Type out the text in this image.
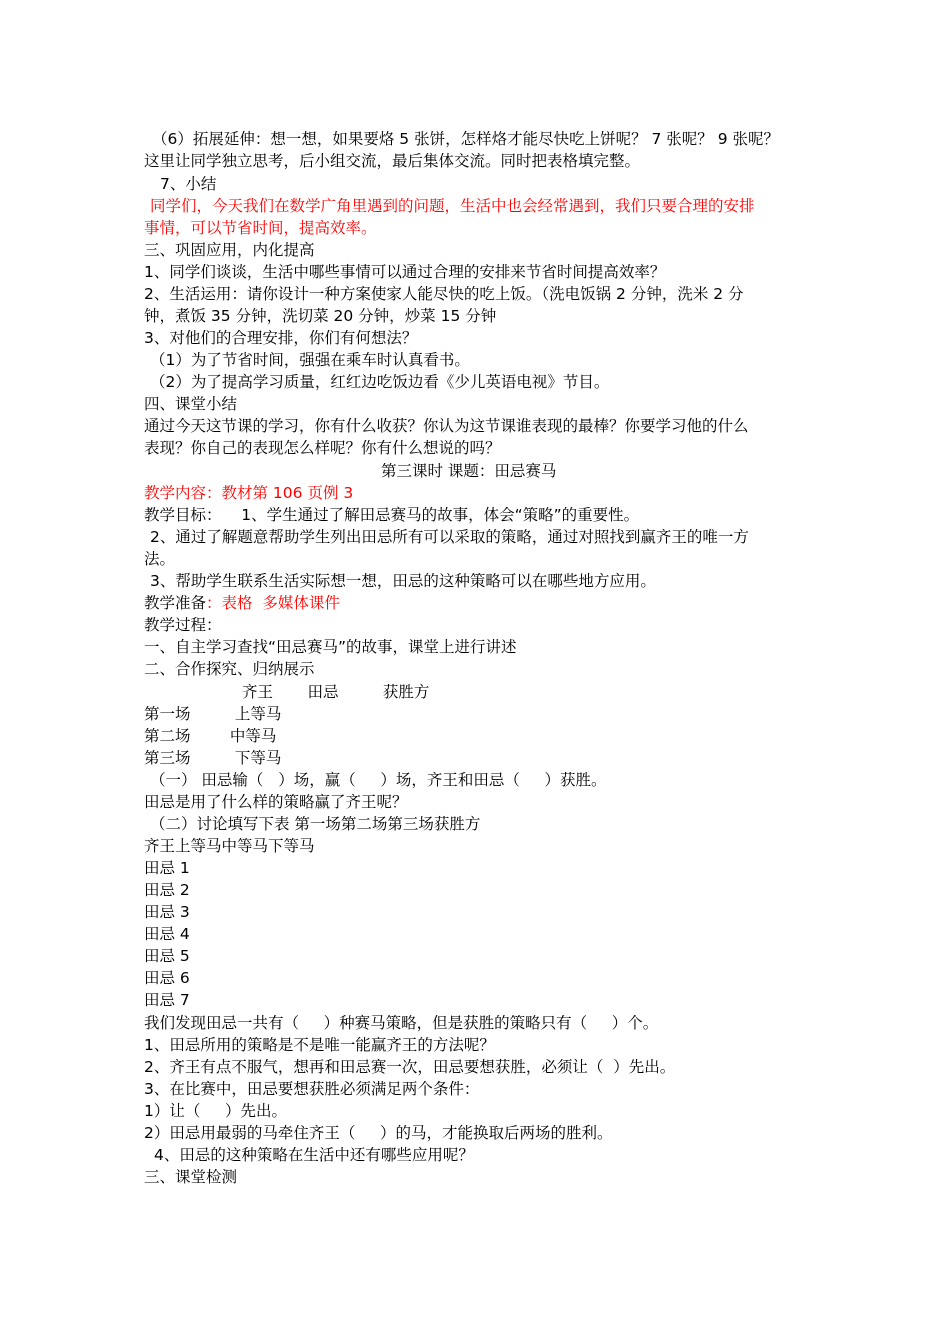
（6）拓展延伸：想一想，如果要烙 5 张饼，怎样烙才能尽快吃上饼呢？ 7 张呢？ 9 张呢？
这里让同学独立思考，后小组交流，最后集体交流。同时把表格填完整。
7、小结
同学们，今天我们在数学广角里遇到的问题，生活中也会经常遇到，我们只要合理的安排
事情，可以节省时间，提高效率。
三、巩固应用，内化提高
1、同学们谈谈，生活中哪些事情可以通过合理的安排来节省时间提高效率？
2、生活运用：请你设计一种方案使家人能尽快的吃上饭。（洗电饭锅 2 分钟，洗米 2 分
钟，煮饭 35 分钟，洗切菜 20 分钟，炒菜 15 分钟
3、对他们的合理安排，你们有何想法？
（1）为了节省时间，强强在乘车时认真看书。
（2）为了提高学习质量，红红边吃饭边看《少儿英语电视》节目。
四、课堂小结
通过今天这节课的学习，你有什么收获？你认为这节课谁表现的最棒？你要学习他的什么
表现？你自己的表现怎么样呢？你有什么想说的吗？
第三课时 课题：田忌赛马
教学内容：教材第 106 页例 3
教学目标：    1、学生通过了解田忌赛马的故事，体会“策略”的重要性。
2、通过了解题意帮助学生列出田忌所有可以采取的策略，通过对照找到赢齐王的唯一方
法。
3、帮助学生联系生活实际想一想，田忌的这种策略可以在哪些地方应用。
教学准备：表格  多媒体课件
教学过程：
一、自主学习查找“田忌赛马”的故事，课堂上进行讲述
二、合作探究、归纳展示
齐王       田忌         获胜方
第一场         上等马
第二场        中等马
第三场         下等马
（一） 田忌输（   ）场，赢（     ）场，齐王和田忌（     ）获胜。
田忌是用了什么样的策略赢了齐王呢？
（二）讨论填写下表 第一场第二场第三场获胜方
齐王上等马中等马下等马
田忌 1
田忌 2
田忌 3
田忌 4
田忌 5
田忌 6
田忌 7
我们发现田忌一共有（     ）种赛马策略，但是获胜的策略只有（     ）个。
1、田忌所用的策略是不是唯一能赢齐王的方法呢？
2、齐王有点不服气，想再和田忌赛一次，田忌要想获胜，必须让（  ）先出。
3、在比赛中，田忌要想获胜必须满足两个条件：
1）让（     ）先出。
2）田忌用最弱的马牵住齐王（     ）的马，才能换取后两场的胜利。
4、田忌的这种策略在生活中还有哪些应用呢？
三、课堂检测
